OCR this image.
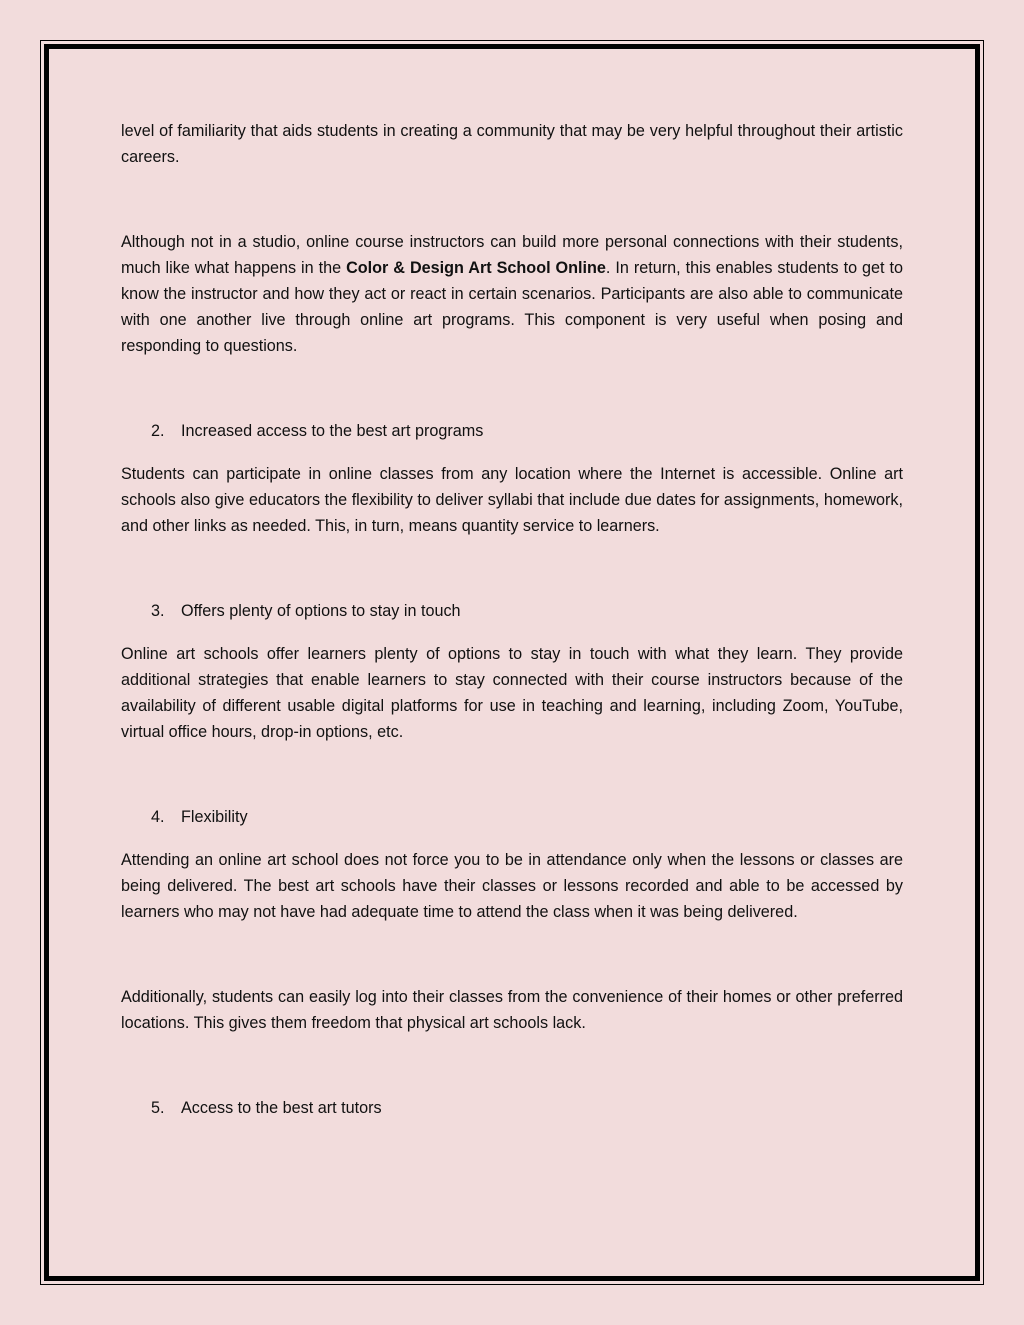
level of familiarity that aids students in creating a community that may be very helpful throughout their artistic careers.

Although not in a studio, online course instructors can build more personal connections with their students, much like what happens in the Color & Design Art School Online. In return, this enables students to get to know the instructor and how they act or react in certain scenarios. Participants are also able to communicate with one another live through online art programs. This component is very useful when posing and responding to questions.

2. Increased access to the best art programs

Students can participate in online classes from any location where the Internet is accessible. Online art schools also give educators the flexibility to deliver syllabi that include due dates for assignments, homework, and other links as needed. This, in turn, means quantity service to learners.

3. Offers plenty of options to stay in touch

Online art schools offer learners plenty of options to stay in touch with what they learn. They provide additional strategies that enable learners to stay connected with their course instructors because of the availability of different usable digital platforms for use in teaching and learning, including Zoom, YouTube, virtual office hours, drop-in options, etc.

4. Flexibility

Attending an online art school does not force you to be in attendance only when the lessons or classes are being delivered. The best art schools have their classes or lessons recorded and able to be accessed by learners who may not have had adequate time to attend the class when it was being delivered.

Additionally, students can easily log into their classes from the convenience of their homes or other preferred locations. This gives them freedom that physical art schools lack.

5. Access to the best art tutors
